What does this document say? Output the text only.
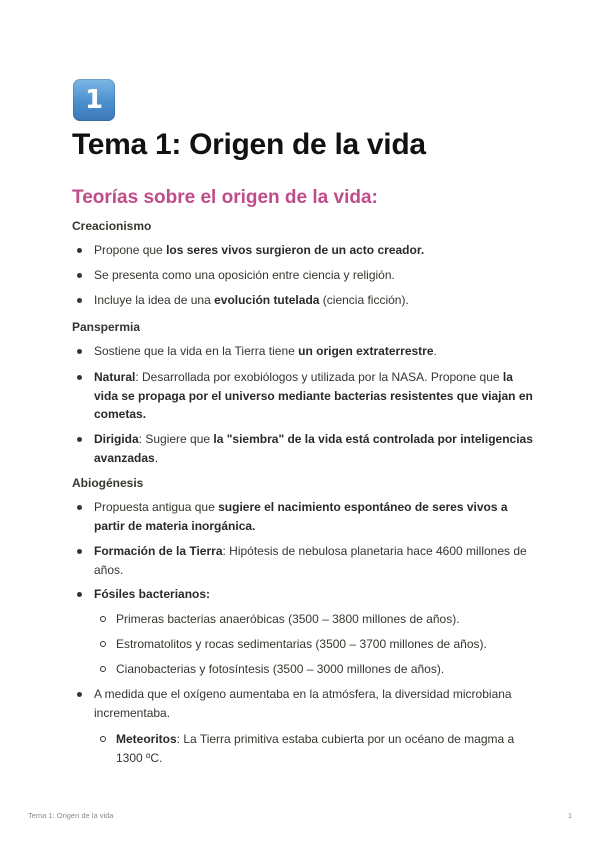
1
Tema 1: Origen de la vida
Teorías sobre el origen de la vida:
Creacionismo
Propone que los seres vivos surgieron de un acto creador.
Se presenta como una oposición entre ciencia y religión.
Incluye la idea de una evolución tutelada (ciencia ficción).
Panspermia
Sostiene que la vida en la Tierra tiene un origen extraterrestre.
Natural: Desarrollada por exobiólogos y utilizada por la NASA. Propone que la vida se propaga por el universo mediante bacterias resistentes que viajan en cometas.
Dirigida: Sugiere que la "siembra" de la vida está controlada por inteligencias avanzadas.
Abiogénesis
Propuesta antigua que sugiere el nacimiento espontáneo de seres vivos a partir de materia inorgánica.
Formación de la Tierra: Hipótesis de nebulosa planetaria hace 4600 millones de años.
Fósiles bacterianos:
Primeras bacterias anaeróbicas (3500 – 3800 millones de años).
Estromatolitos y rocas sedimentarias (3500 – 3700 millones de años).
Cianobacterias y fotosíntesis (3500 – 3000 millones de años).
A medida que el oxígeno aumentaba en la atmósfera, la diversidad microbiana incrementaba.
Meteoritos: La Tierra primitiva estaba cubierta por un océano de magma a 1300 ºC.
Tema 1: Origen de la vida	1
